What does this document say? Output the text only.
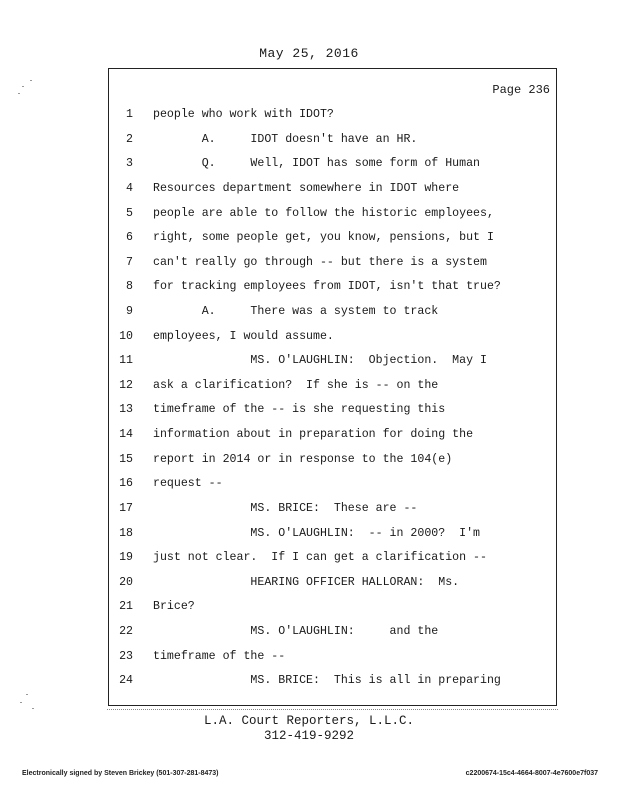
May 25, 2016
Page 236
1 people who work with IDOT?
2 A.     IDOT doesn't have an HR.
3 Q.     Well, IDOT has some form of Human
4 Resources department somewhere in IDOT where
5 people are able to follow the historic employees,
6 right, some people get, you know, pensions, but I
7 can't really go through -- but there is a system
8 for tracking employees from IDOT, isn't that true?
9 A.     There was a system to track
10 employees, I would assume.
11 MS. O'LAUGHLIN:  Objection.  May I
12 ask a clarification?  If she is -- on the
13 timeframe of the -- is she requesting this
14 information about in preparation for doing the
15 report in 2014 or in response to the 104(e)
16 request --
17 MS. BRICE:  These are --
18 MS. O'LAUGHLIN:  -- in 2000?  I'm
19 just not clear.  If I can get a clarification --
20 HEARING OFFICER HALLORAN:  Ms.
21 Brice?
22 MS. O'LAUGHLIN:     and the
23 timeframe of the --
24 MS. BRICE:  This is all in preparing
L.A. Court Reporters, L.L.C.
312-419-9292
Electronically signed by Steven Brickey (501-307-281-8473)	c2200674-15c4-4664-8007-4e7600e7f037
